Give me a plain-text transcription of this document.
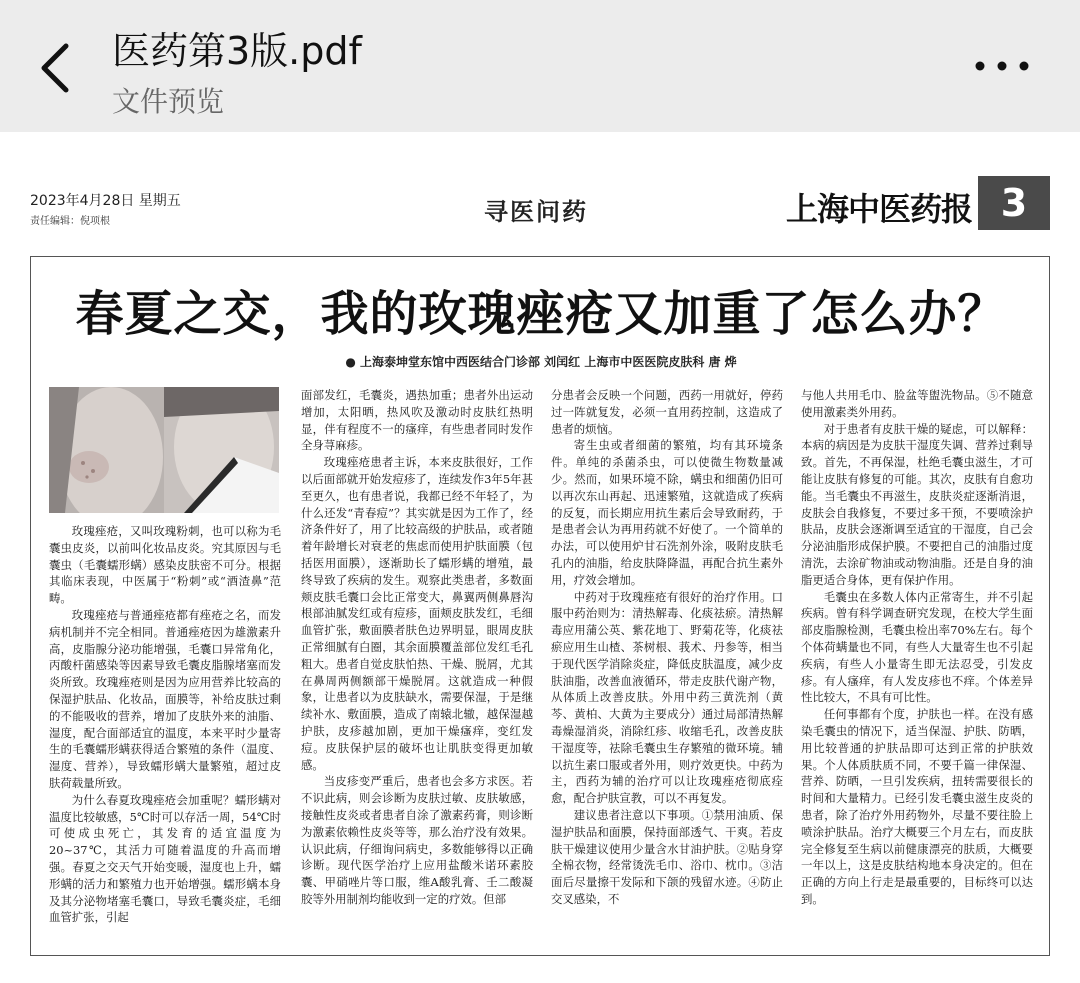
医药第3版.pdf
文件预览
2023年4月28日 星期五
责任编辑：倪项根	寻医问药	上海中医药报 3
春夏之交，我的玫瑰痤疮又加重了怎么办？
● 上海泰坤堂东馆中西医结合门诊部 刘闰红 上海市中医医院皮肤科 唐 烨

玫瑰痤疮，又叫玫瑰粉刺，也可以称为毛囊虫皮炎，以前叫化妆品皮炎。究其原因与毛囊虫（毛囊蠕形螨）感染皮肤密不可分。根据其临床表现，中医属于“粉刺”或“酒渣鼻”范畴。

玫瑰痤疮与普通痤疮都有痤疮之名，而发病机制并不完全相同。普通痤疮因为雄激素升高，皮脂腺分泌功能增强，毛囊口异常角化，丙酸杆菌感染等因素导致毛囊皮脂腺堵塞而发炎所致。玫瑰痤疮则是因为应用营养比较高的保湿护肤品、化妆品，面膜等，补给皮肤过剩的不能吸收的营养，增加了皮肤外来的油脂、湿度，配合面部适宜的温度，本来平时少量寄生的毛囊蠕形螨获得适合繁殖的条件（温度、湿度、营养），导致蠕形螨大量繁殖，超过皮肤荷载量所致。

为什么春夏玫瑰痤疮会加重呢？蠕形螨对温度比较敏感，5℃时可以存活一周，54℃时可使成虫死亡，其发育的适宜温度为20~37℃，其活力可随着温度的升高而增强。春夏之交天气开始变暖，湿度也上升，蠕形螨的活力和繁殖力也开始增强。蠕形螨本身及其分泌物堵塞毛囊口，导致毛囊炎症，毛细血管扩张，引起

面部发红，毛囊炎，遇热加重；患者外出运动增加，太阳晒，热风吹及激动时皮肤红热明显，伴有程度不一的瘙痒，有些患者同时发作全身荨麻疹。

玫瑰痤疮患者主诉，本来皮肤很好，工作以后面部就开始发痘疹了，连续发作3年5年甚至更久，也有患者说，我都已经不年轻了，为什么还发“青春痘”？其实就是因为工作了，经济条件好了，用了比较高级的护肤品，或者随着年龄增长对衰老的焦虑而使用护肤面膜（包括医用面膜），逐渐助长了蠕形螨的增殖，最终导致了疾病的发生。观察此类患者，多数面颊皮肤毛囊口会比正常变大，鼻翼两侧鼻唇沟根部油腻发红或有痘疹，面颊皮肤发红，毛细血管扩张，敷面膜者肤色边界明显，眼周皮肤正常细腻有白圈，其余面膜覆盖部位发红毛孔粗大。患者自觉皮肤怕热、干燥、脱屑，尤其在鼻周两侧额部干燥脱屑。这就造成一种假象，让患者以为皮肤缺水，需要保湿，于是继续补水、敷面膜，造成了南辕北辙，越保湿越护肤，皮疹越加剧，更加干燥瘙痒，变红发痘。皮肤保护层的破坏也让肌肤变得更加敏感。

当皮疹变严重后，患者也会多方求医。若不识此病，则会诊断为皮肤过敏、皮肤敏感，接触性皮炎或者患者自涂了激素药膏，则诊断为激素依赖性皮炎等等，那么治疗没有效果。认识此病，仔细询问病史，多数能够得以正确诊断。现代医学治疗上应用盐酸米诺环素胶囊、甲硝唑片等口服，维A酸乳膏、壬二酸凝胶等外用制剂均能收到一定的疗效。但部

分患者会反映一个问题，西药一用就好，停药过一阵就复发，必须一直用药控制，这造成了患者的烦恼。

寄生虫或者细菌的繁殖，均有其环境条件。单纯的杀菌杀虫，可以使微生物数量减少。然而，如果环境不除，螨虫和细菌仍旧可以再次东山再起、迅速繁殖，这就造成了疾病的反复，而长期应用抗生素后会导致耐药，于是患者会认为再用药就不好使了。一个简单的办法，可以使用炉甘石洗剂外涂，吸附皮肤毛孔内的油脂，给皮肤降降温，再配合抗生素外用，疗效会增加。

中药对于玫瑰痤疮有很好的治疗作用。口服中药治则为：清热解毒、化痰祛瘀。清热解毒应用蒲公英、紫花地丁、野菊花等，化痰祛瘀应用生山楂、茶树根、莪术、丹参等，相当于现代医学消除炎症，降低皮肤温度，减少皮肤油脂，改善血液循环，带走皮肤代谢产物，从体质上改善皮肤。外用中药三黄洗剂（黄芩、黄柏、大黄为主要成分）通过局部清热解毒燥湿消炎，消除红疹、收缩毛孔，改善皮肤干湿度等，祛除毛囊虫生存繁殖的微环境。辅以抗生素口服或者外用，则疗效更快。中药为主，西药为辅的治疗可以让玫瑰痤疮彻底痊愈，配合护肤宣教，可以不再复发。

建议患者注意以下事项。①禁用油质、保湿护肤品和面膜，保持面部透气、干爽。若皮肤干燥建议使用少量含水甘油护肤。②贴身穿全棉衣物，经常烫洗毛巾、浴巾、枕巾。③洁面后尽量擦干发际和下颌的残留水迹。④防止交叉感染，不

与他人共用毛巾、脸盆等盥洗物品。⑤不随意使用激素类外用药。

对于患者有皮肤干燥的疑虑，可以解释：本病的病因是为皮肤干湿度失调、营养过剩导致。首先，不再保湿，杜绝毛囊虫滋生，才可能让皮肤有修复的可能。其次，皮肤有自愈功能。当毛囊虫不再滋生，皮肤炎症逐渐消退，皮肤会自我修复，不要过多干预，不要喷涂护肤品，皮肤会逐渐调至适宜的干湿度，自己会分泌油脂形成保护膜。不要把自己的油脂过度清洗，去涂矿物油或动物油脂。还是自身的油脂更适合身体，更有保护作用。

毛囊虫在多数人体内正常寄生，并不引起疾病。曾有科学调查研究发现，在校大学生面部皮脂腺检测，毛囊虫检出率70%左右。每个个体荷螨量也不同，有些人大量寄生也不引起疾病，有些人小量寄生即无法忍受，引发皮疹。有人瘙痒，有人发皮疹也不痒。个体差异性比较大，不具有可比性。

任何事都有个度，护肤也一样。在没有感染毛囊虫的情况下，适当保湿、护肤、防晒，用比较普通的护肤品即可达到正常的护肤效果。个人体质肤质不同，不要千篇一律保湿、营养、防晒，一旦引发疾病，扭转需要很长的时间和大量精力。已经引发毛囊虫滋生皮炎的患者，除了治疗外用药物外，尽量不要往脸上喷涂护肤品。治疗大概要三个月左右，而皮肤完全修复至生病以前健康漂亮的肤质，大概要一年以上，这是皮肤结构地本身决定的。但在正确的方向上行走是最重要的，目标终可以达到。
